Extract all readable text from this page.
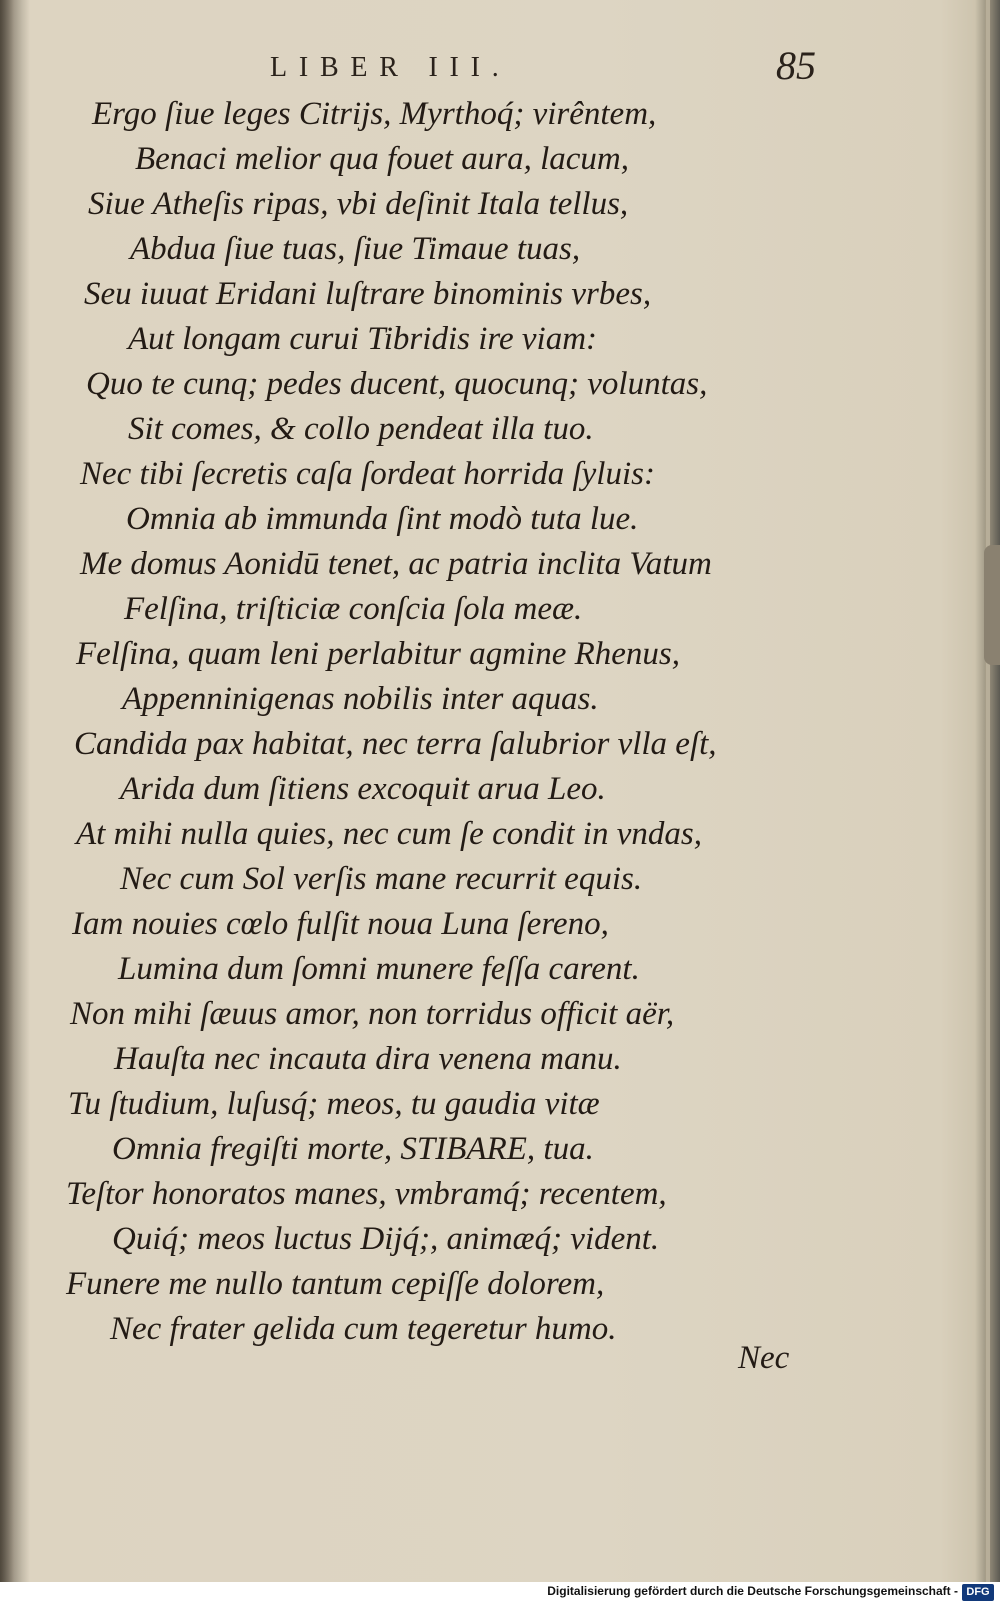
LIBER III.	85
Ergo ſiue leges Citrijs, Myrthoq́; virêntem,
Benaci melior qua fouet aura, lacum,
Siue Atheſis ripas, vbi deſinit Itala tellus,
Abdua ſiue tuas, ſiue Timaue tuas,
Seu iuuat Eridani luſtrare binominis vrbes,
Aut longam curui Tibridis ire viam:
Quo te cunq; pedes ducent, quocunq; voluntas,
Sit comes, & collo pendeat illa tuo.
Nec tibi ſecretis caſa ſordeat horrida ſyluis:
Omnia ab immunda ſint modò tuta lue.
Me domus Aonidū tenet, ac patria inclita Vatum
Felſina, triſticiæ conſcia ſola meæ.
Felſina, quam leni perlabitur agmine Rhenus,
Appenninigenas nobilis inter aquas.
Candida pax habitat, nec terra ſalubrior vlla eſt,
Arida dum ſitiens excoquit arua Leo.
At mihi nulla quies, nec cum ſe condit in vndas,
Nec cum Sol verſis mane recurrit equis.
Iam nouies cœlo fulſit noua Luna ſereno,
Lumina dum ſomni munere feſſa carent.
Non mihi ſæuus amor, non torridus officit aër,
Hauſta nec incauta dira venena manu.
Tu ſtudium, luſusq́; meos, tu gaudia vitæ
Omnia fregiſti morte, STIBARE, tua.
Teſtor honoratos manes, vmbramq́; recentem,
Quiq́; meos luctus Dijq́;, animæq́; vident.
Funere me nullo tantum cepiſſe dolorem,
Nec frater gelida cum tegeretur humo.
Nec
Digitalisierung gefördert durch die Deutsche Forschungsgemeinschaft - DFG
